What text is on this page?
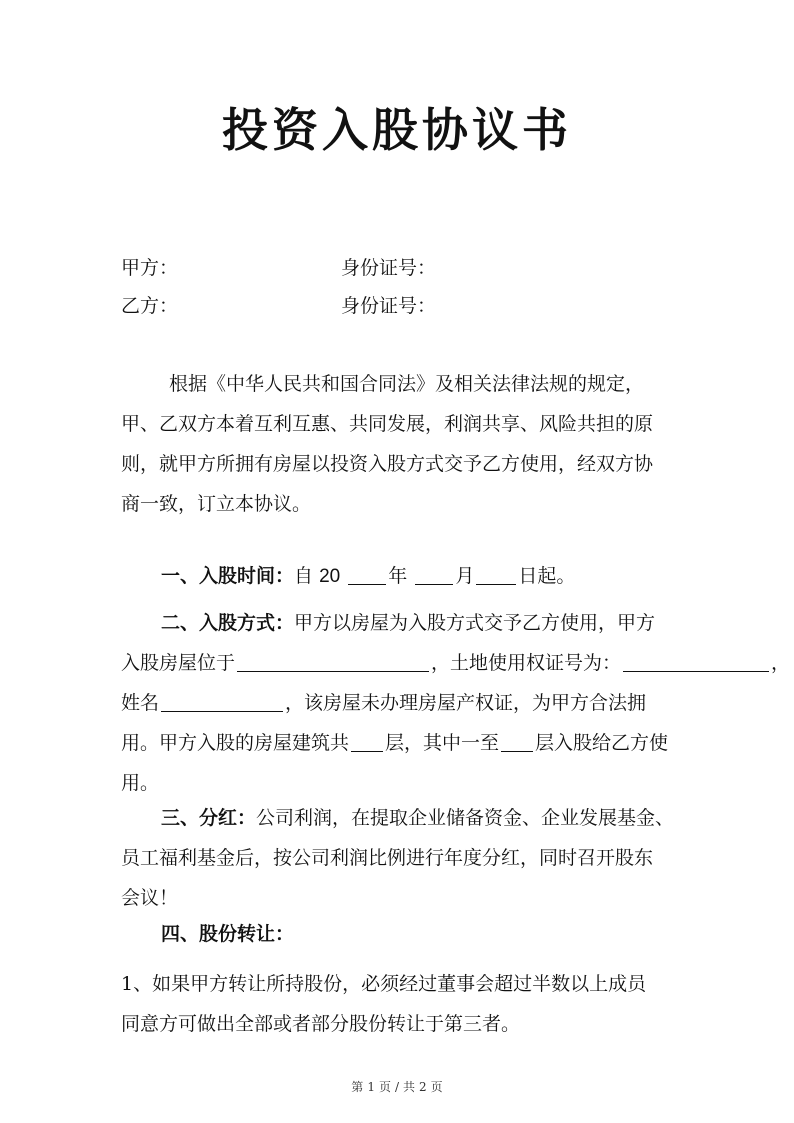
投资入股协议书
甲方：	身份证号：
乙方：	身份证号：
根据《中华人民共和国合同法》及相关法律法规的规定，
甲、乙双方本着互利互惠、共同发展，利润共享、风险共担的原
则，就甲方所拥有房屋以投资入股方式交予乙方使用，经双方协
商一致，订立本协议。
一、入股时间：自 20	年	月 日起。
二、入股方式：甲方以房屋为入股方式交予乙方使用，甲方
入股房屋位于	，土地使用权证号为：	，
姓名	，该房屋未办理房屋产权证，为甲方合法拥
用。甲方入股的房屋建筑共 层，其中一至 层入股给乙方使
用。
三、分红：公司利润，在提取企业储备资金、企业发展基金、
员工福利基金后，按公司利润比例进行年度分红，同时召开股东
会议！
四、股份转让：
1、如果甲方转让所持股份，必须经过董事会超过半数以上成员
同意方可做出全部或者部分股份转让于第三者。
第 1 页 / 共 2 页
